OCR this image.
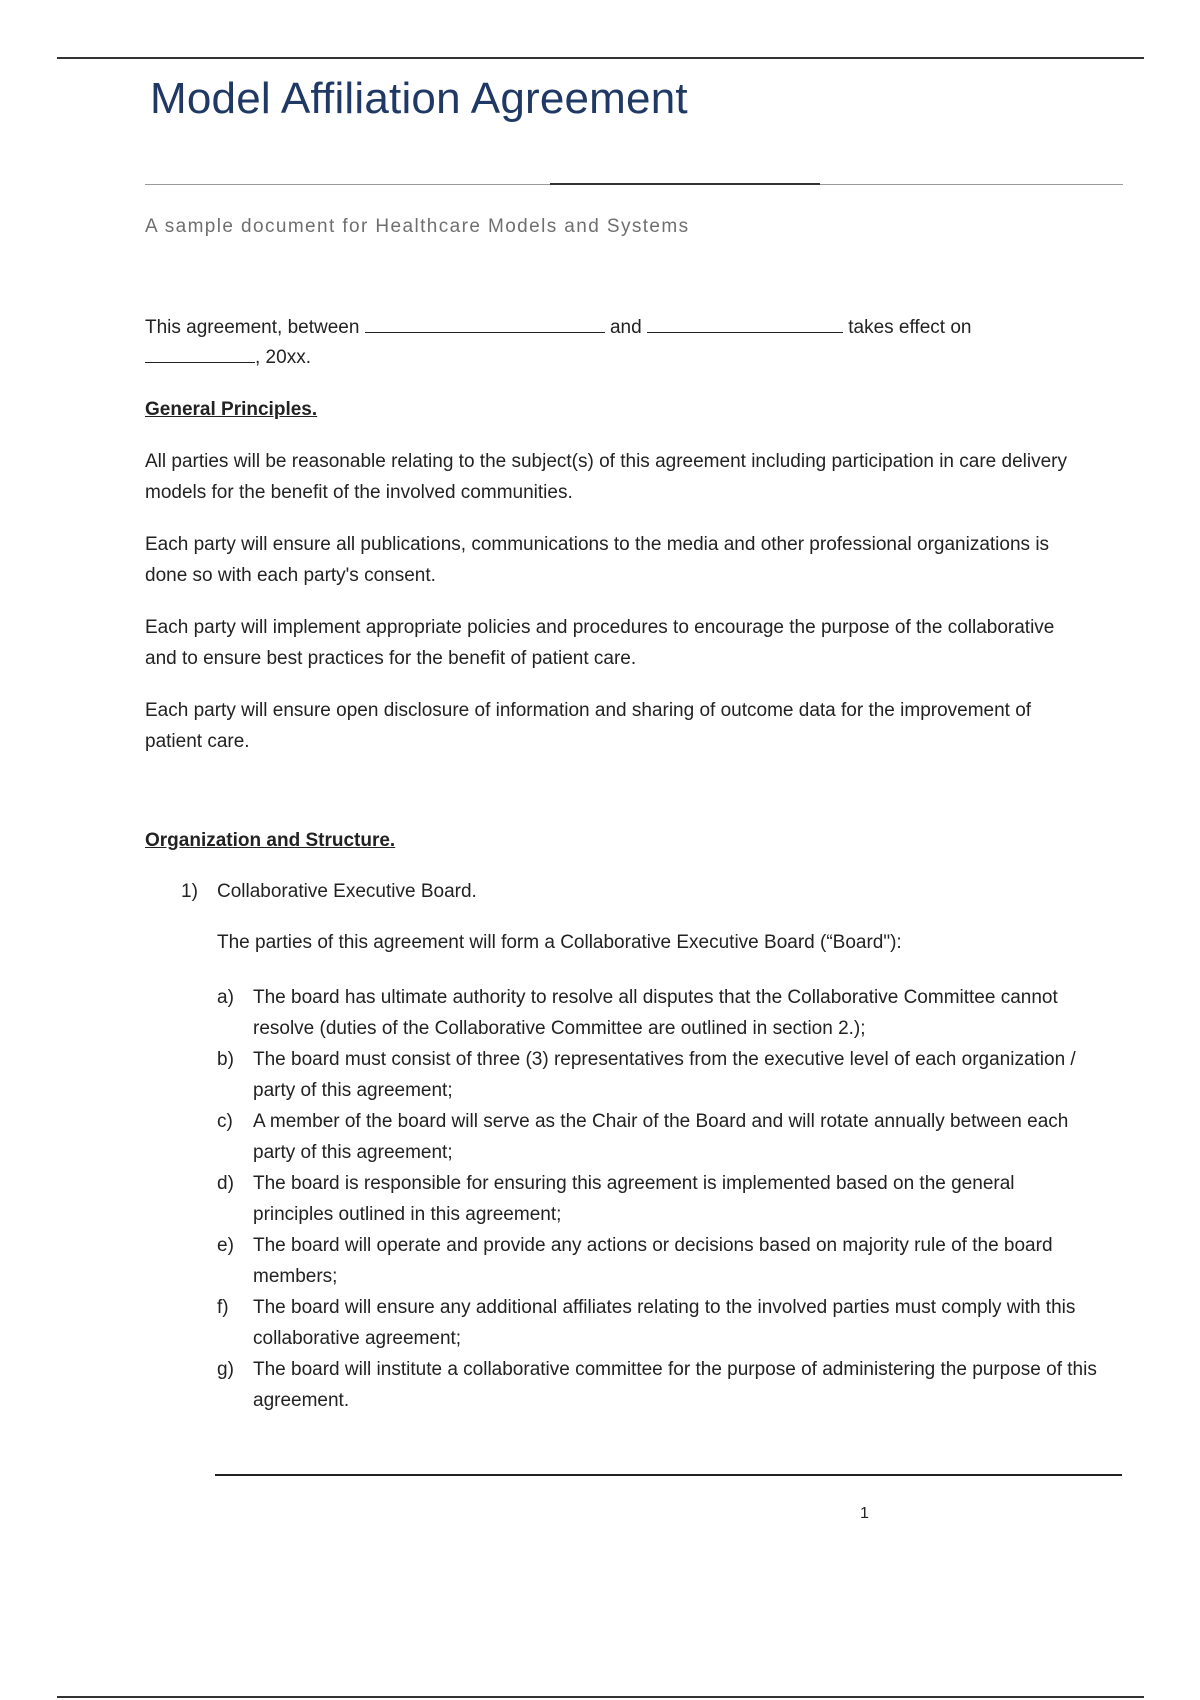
Model Affiliation Agreement
A sample document for Healthcare Models and Systems

This agreement, between	and	takes effect on
, 20xx.

General Principles.

All parties will be reasonable relating to the subject(s) of this agreement including participation in care delivery models for the benefit of the involved communities.

Each party will ensure all publications, communications to the media and other professional organizations is done so with each party's consent.

Each party will implement appropriate policies and procedures to encourage the purpose of the collaborative and to ensure best practices for the benefit of patient care.

Each party will ensure open disclosure of information and sharing of outcome data for the improvement of patient care.

Organization and Structure.

1) Collaborative Executive Board.

The parties of this agreement will form a Collaborative Executive Board (“Board"):

a) The board has ultimate authority to resolve all disputes that the Collaborative Committee cannot resolve (duties of the Collaborative Committee are outlined in section 2.);
b) The board must consist of three (3) representatives from the executive level of each organization / party of this agreement;
c) A member of the board will serve as the Chair of the Board and will rotate annually between each party of this agreement;
d) The board is responsible for ensuring this agreement is implemented based on the general principles outlined in this agreement;
e) The board will operate and provide any actions or decisions based on majority rule of the board members;
f) The board will ensure any additional affiliates relating to the involved parties must comply with this collaborative agreement;
g) The board will institute a collaborative committee for the purpose of administering the purpose of this agreement.
1
